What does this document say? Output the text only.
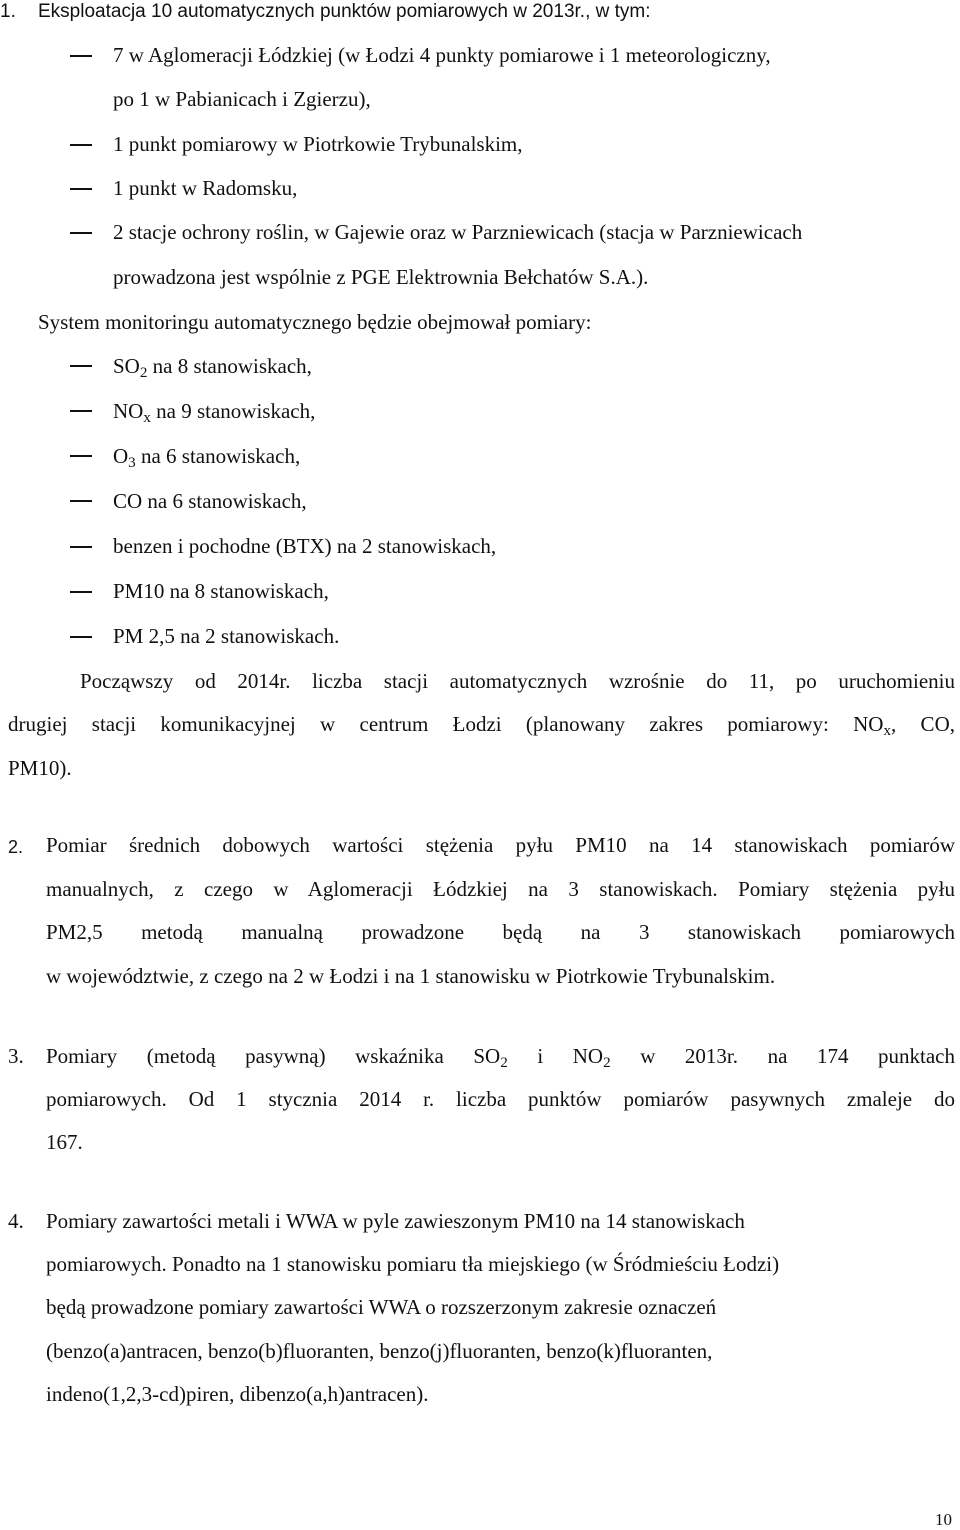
1. Eksploatacja 10 automatycznych punktów pomiarowych w 2013r., w tym:
7 w Aglomeracji Łódzkiej (w Łodzi 4 punkty pomiarowe i 1 meteorologiczny,
po 1 w Pabianicach i Zgierzu),
1 punkt pomiarowy w Piotrkowie Trybunalskim,
1 punkt w Radomsku,
2 stacje ochrony roślin, w Gajewie oraz w Parzniewicach (stacja w Parzniewicach
prowadzona jest wspólnie z PGE Elektrownia Bełchatów S.A.).
System monitoringu automatycznego będzie obejmował pomiary:
$SO_2$ na 8 stanowiskach,
$NO_x$ na 9 stanowiskach,
$O_3$ na 6 stanowiskach,
CO na 6 stanowiskach,
benzen i pochodne (BTX) na 2 stanowiskach,
PM10 na 8 stanowiskach,
PM 2,5 na 2 stanowiskach.
Począwszy od 2014r. liczba stacji automatycznych wzrośnie do 11, po uruchomieniu
drugiej stacji komunikacyjnej w centrum Łodzi (planowany zakres pomiarowy: $NO_x$, CO,
PM10).
2. Pomiar średnich dobowych wartości stężenia pyłu PM10 na 14 stanowiskach pomiarów
manualnych, z czego w Aglomeracji Łódzkiej na 3 stanowiskach. Pomiary stężenia pyłu
PM2,5 metodą manualną prowadzone będą na 3 stanowiskach pomiarowych
w województwie, z czego na 2 w Łodzi i na 1 stanowisku w Piotrkowie Trybunalskim.
3. Pomiary (metodą pasywną) wskaźnika $SO_2$ i $NO_2$ w 2013r. na 174 punktach
pomiarowych. Od 1 stycznia 2014 r. liczba punktów pomiarów pasywnych zmaleje do
167.
4. Pomiary zawartości metali i WWA w pyle zawieszonym PM10 na 14 stanowiskach
pomiarowych. Ponadto na 1 stanowisku pomiaru tła miejskiego (w Śródmieściu Łodzi)
będą prowadzone pomiary zawartości WWA o rozszerzonym zakresie oznaczeń
(benzo(a)antracen, benzo(b)fluoranten, benzo(j)fluoranten, benzo(k)fluoranten,
indeno(1,2,3-cd)piren, dibenzo(a,h)antracen).
10
